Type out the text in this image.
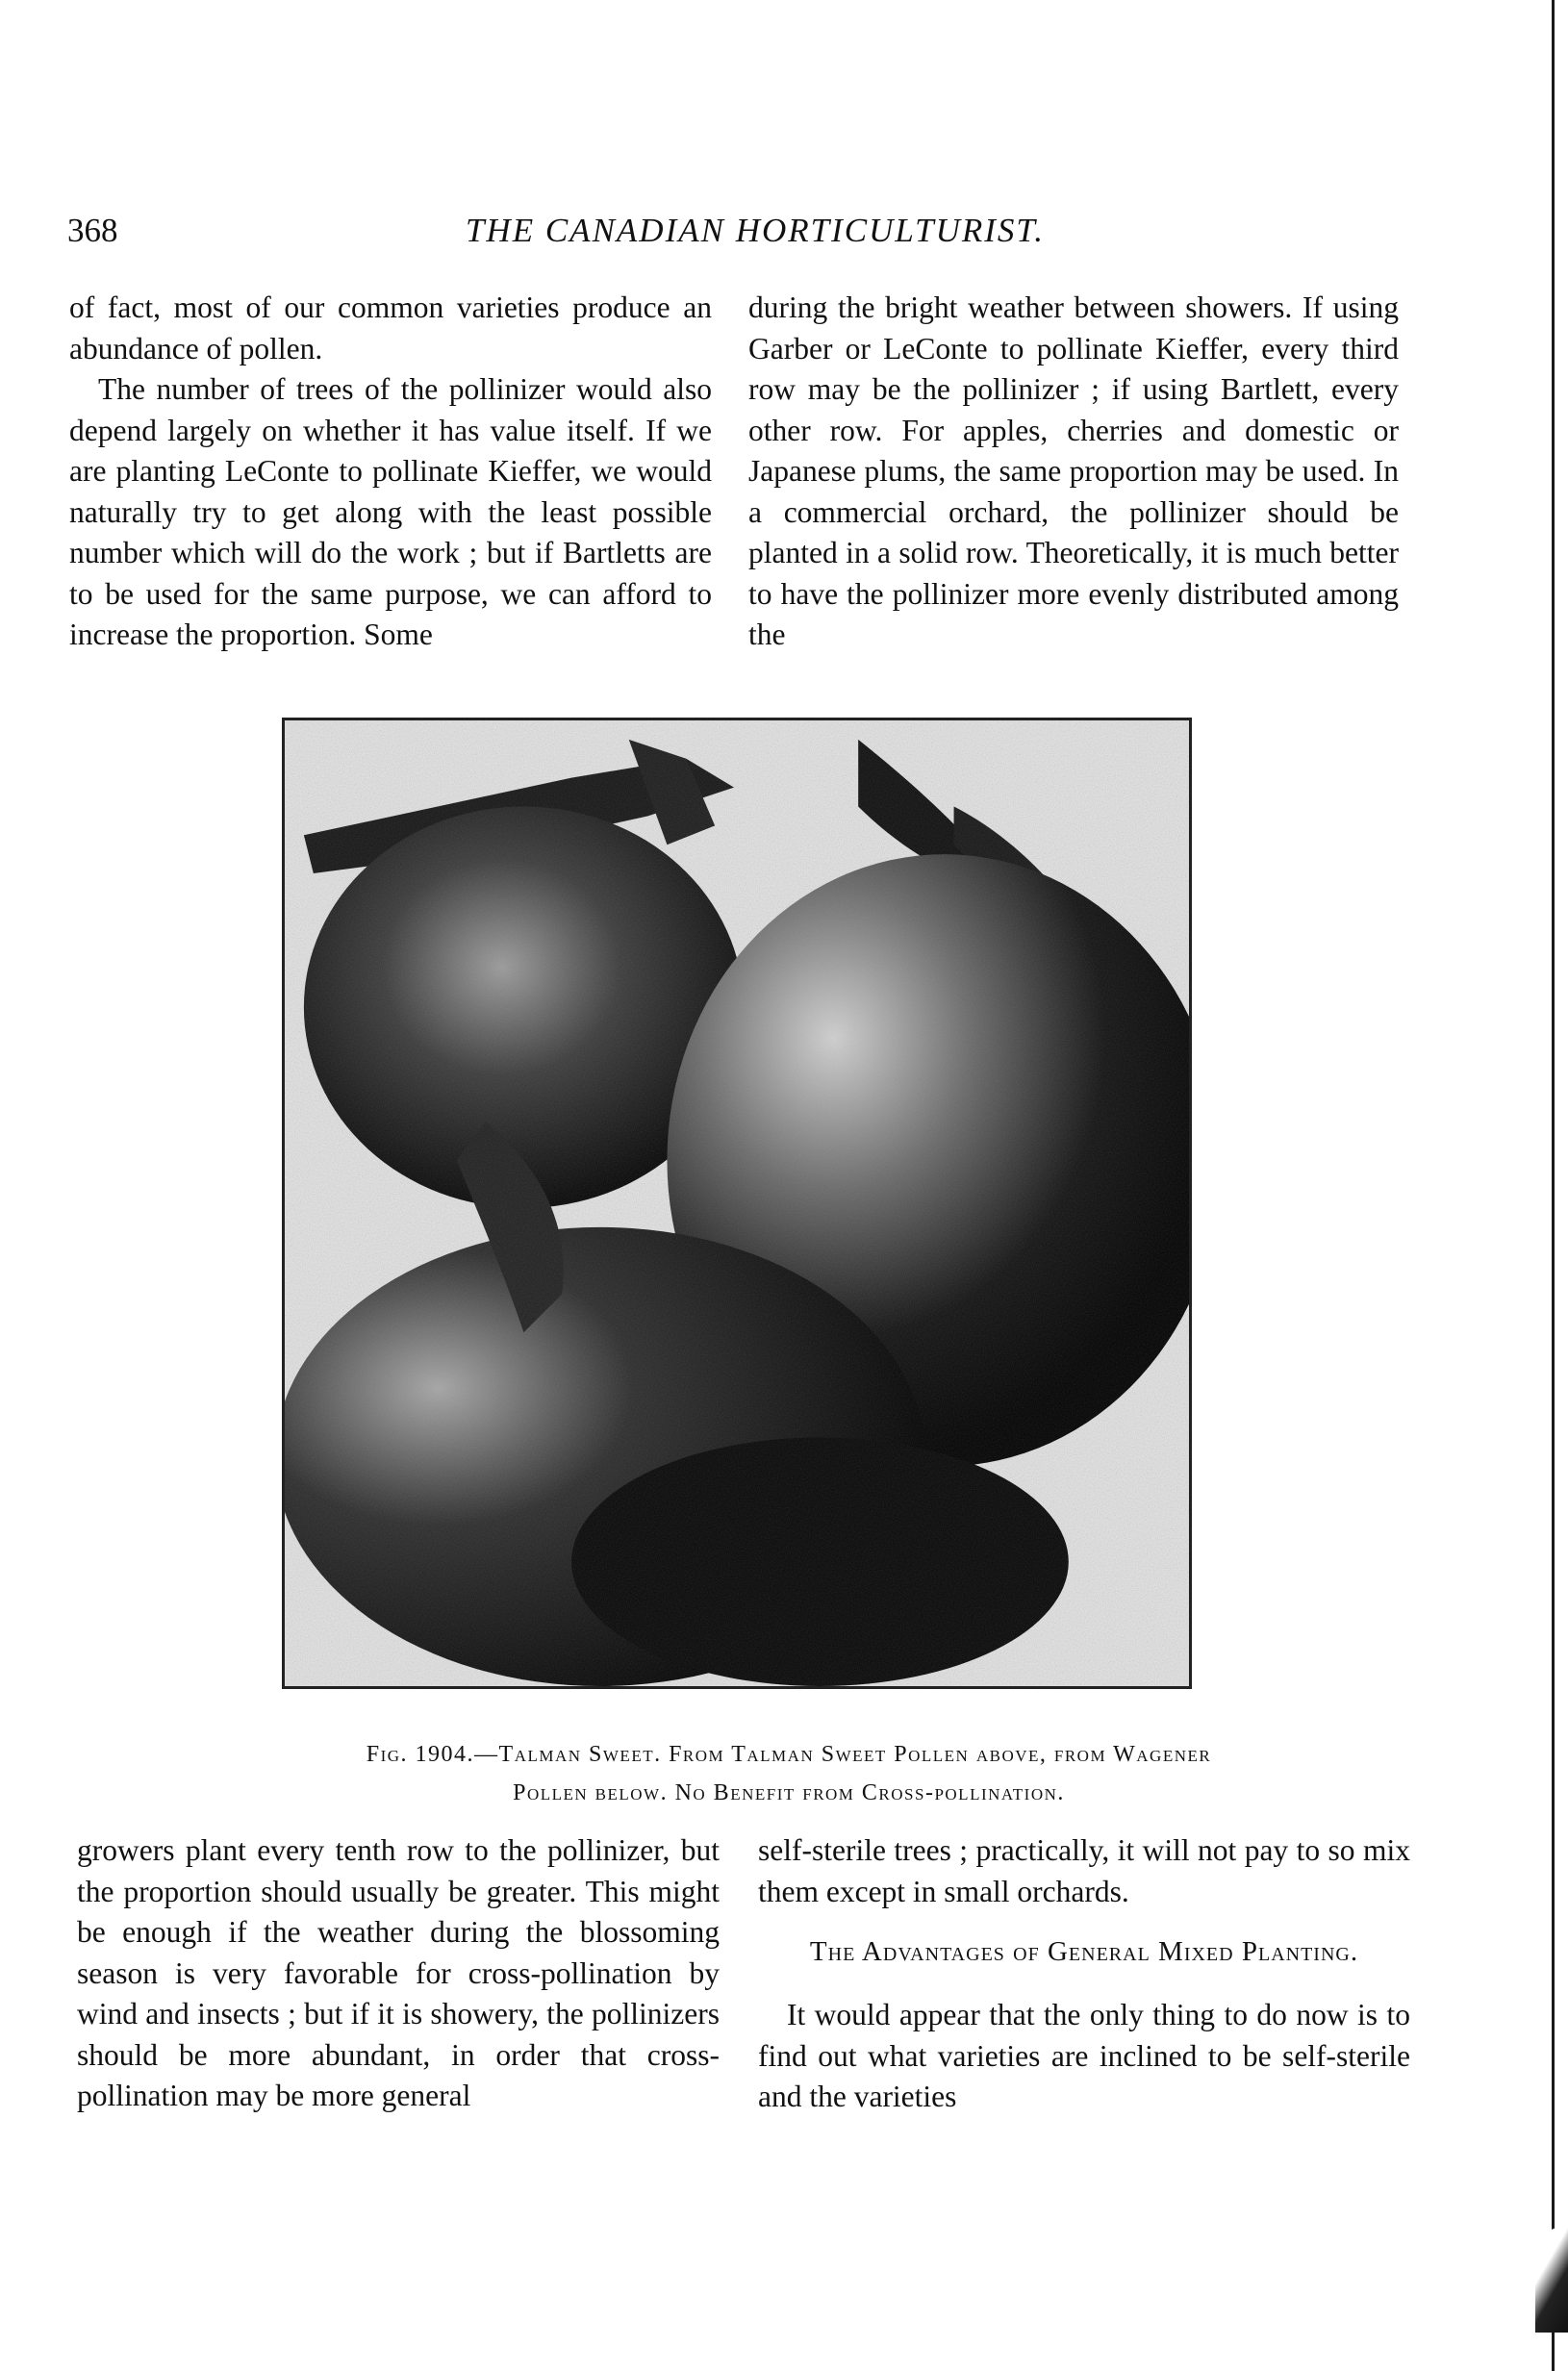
368	THE CANADIAN HORTICULTURIST.

of fact, most of our common varieties produce an abundance of pollen.

The number of trees of the pollinizer would also depend largely on whether it has value itself. If we are planting LeConte to pollinate Kieffer, we would naturally try to get along with the least possible number which will do the work ; but if Bartletts are to be used for the same purpose, we can afford to increase the proportion. Some

during the bright weather between showers. If using Garber or LeConte to pollinate Kieffer, every third row may be the pollinizer ; if using Bartlett, every other row. For apples, cherries and domestic or Japanese plums, the same proportion may be used. In a commercial orchard, the pollinizer should be planted in a solid row. Theoretically, it is much better to have the pollinizer more evenly distributed among the

Fig. 1904.—Talman Sweet. From Talman Sweet Pollen above, from Wagener
Pollen below. No Benefit from Cross-pollination.

growers plant every tenth row to the pollinizer, but the proportion should usually be greater. This might be enough if the weather during the blossoming season is very favorable for cross-pollination by wind and insects ; but if it is showery, the pollinizers should be more abundant, in order that cross-pollination may be more general

self-sterile trees ; practically, it will not pay to so mix them except in small orchards.

The Advantages of General Mixed Planting.

It would appear that the only thing to do now is to find out what varieties are inclined to be self-sterile and the varieties
